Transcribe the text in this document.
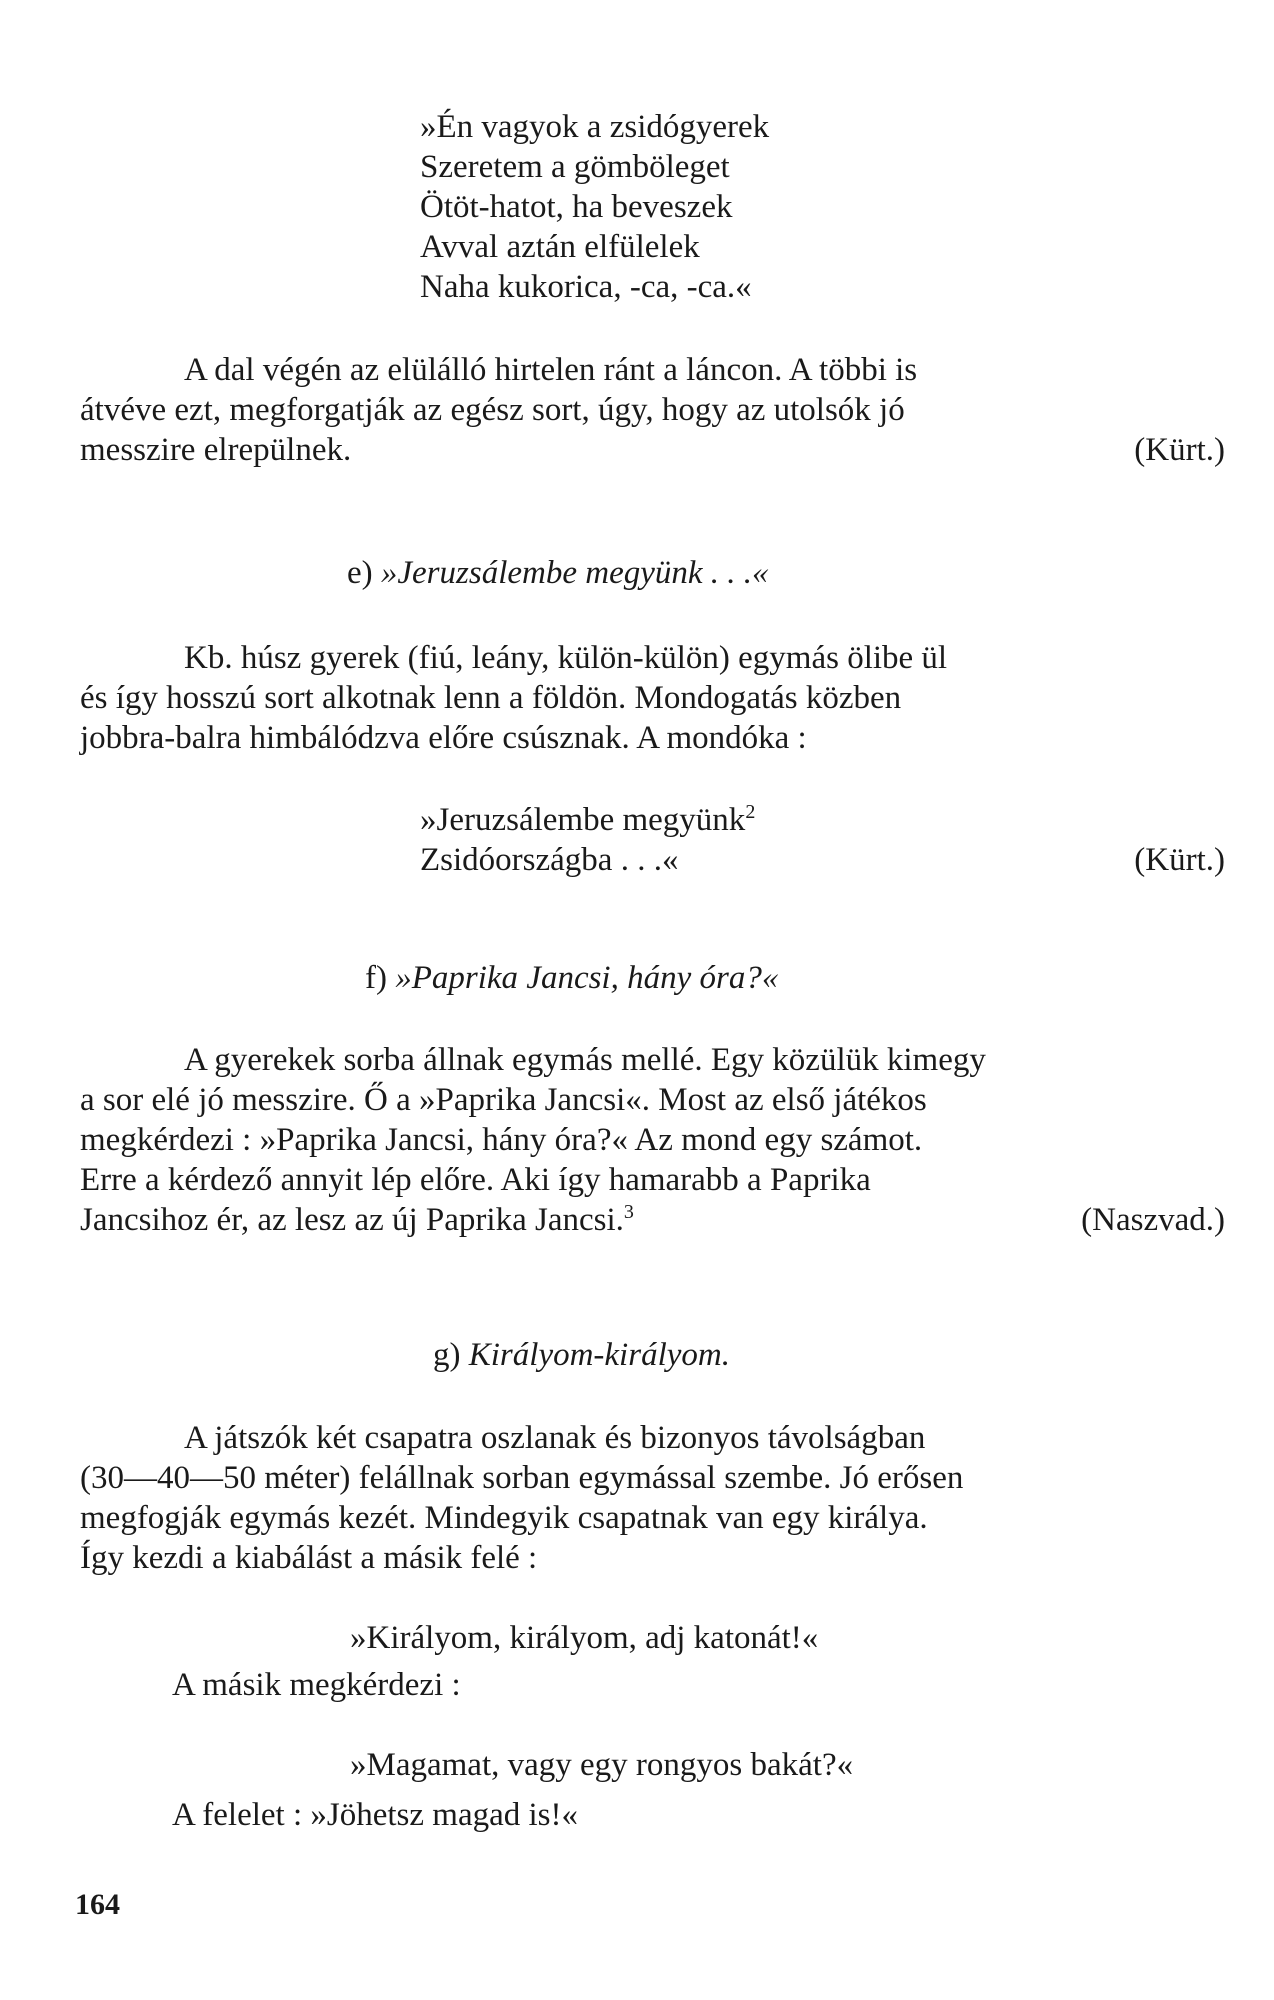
»Én vagyok a zsidógyerek
Szeretem a gömböleget
Ötöt-hatot, ha beveszek
Avval aztán elfülelek
Naha kukorica, -ca, -ca.«
A dal végén az elülálló hirtelen ránt a láncon. A többi is
átvéve ezt, megforgatják az egész sort, úgy, hogy az utolsók jó
messzire elrepülnek.	(Kürt.)
e) »Jeruzsálembe megyünk . . .«
Kb. húsz gyerek (fiú, leány, külön-külön) egymás ölibe ül
és így hosszú sort alkotnak lenn a földön. Mondogatás közben
jobbra-balra himbálódzva előre csúsznak. A mondóka :
»Jeruzsálembe megyünk$^2$
Zsidóországba . . .«	(Kürt.)
f) »Paprika Jancsi, hány óra?«
A gyerekek sorba állnak egymás mellé. Egy közülük kimegy
a sor elé jó messzire. Ő a »Paprika Jancsi«. Most az első játékos
megkérdezi : »Paprika Jancsi, hány óra?« Az mond egy számot.
Erre a kérdező annyit lép előre. Aki így hamarabb a Paprika
Jancsihoz ér, az lesz az új Paprika Jancsi.$^3$	(Naszvad.)
g) Királyom-királyom.
A játszók két csapatra oszlanak és bizonyos távolságban
(30—40—50 méter) felállnak sorban egymással szembe. Jó erősen
megfogják egymás kezét. Mindegyik csapatnak van egy királya.
Így kezdi a kiabálást a másik felé :
»Királyom, királyom, adj katonát!«
A másik megkérdezi :
»Magamat, vagy egy rongyos bakát?«
A felelet : »Jöhetsz magad is!«
164
